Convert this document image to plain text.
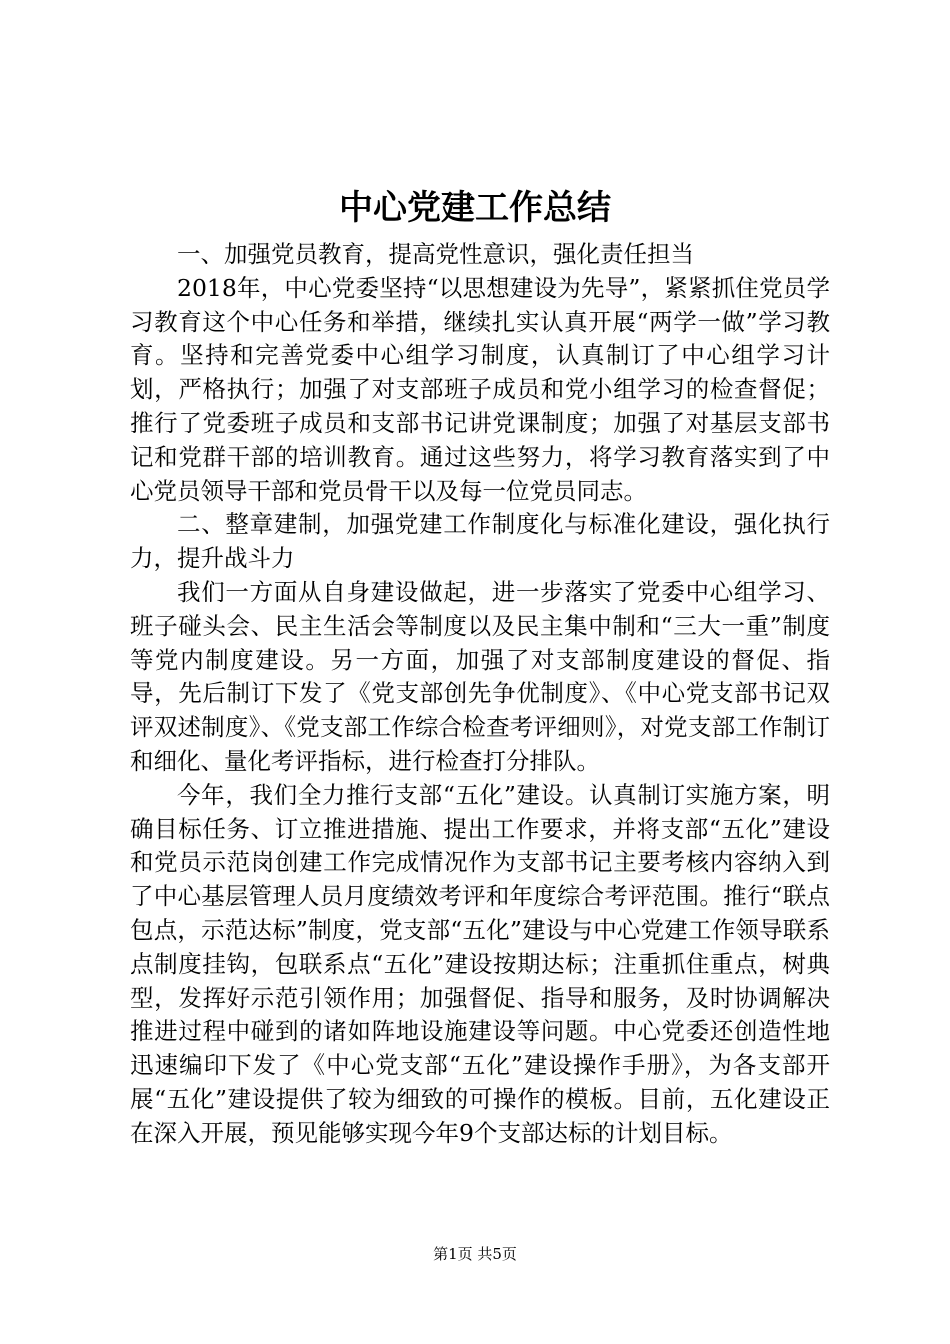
中心党建工作总结

一、加强党员教育，提高党性意识，强化责任担当

2018年，中心党委坚持“以思想建设为先导”，紧紧抓住党员学习教育这个中心任务和举措，继续扎实认真开展“两学一做”学习教育。坚持和完善党委中心组学习制度，认真制订了中心组学习计划，严格执行；加强了对支部班子成员和党小组学习的检查督促；推行了党委班子成员和支部书记讲党课制度；加强了对基层支部书记和党群干部的培训教育。通过这些努力，将学习教育落实到了中心党员领导干部和党员骨干以及每一位党员同志。

二、整章建制，加强党建工作制度化与标准化建设，强化执行力，提升战斗力

我们一方面从自身建设做起，进一步落实了党委中心组学习、班子碰头会、民主生活会等制度以及民主集中制和“三大一重”制度等党内制度建设。另一方面，加强了对支部制度建设的督促、指导，先后制订下发了《党支部创先争优制度》、《中心党支部书记双评双述制度》、《党支部工作综合检查考评细则》，对党支部工作制订和细化、量化考评指标，进行检查打分排队。

今年，我们全力推行支部“五化”建设。认真制订实施方案，明确目标任务、订立推进措施、提出工作要求，并将支部“五化”建设和党员示范岗创建工作完成情况作为支部书记主要考核内容纳入到了中心基层管理人员月度绩效考评和年度综合考评范围。推行“联点包点，示范达标”制度，党支部“五化”建设与中心党建工作领导联系点制度挂钩，包联系点“五化”建设按期达标；注重抓住重点，树典型，发挥好示范引领作用；加强督促、指导和服务，及时协调解决推进过程中碰到的诸如阵地设施建设等问题。中心党委还创造性地迅速编印下发了《中心党支部“五化”建设操作手册》，为各支部开展“五化”建设提供了较为细致的可操作的模板。目前，五化建设正在深入开展，预见能够实现今年9个支部达标的计划目标。

第1页 共5页
